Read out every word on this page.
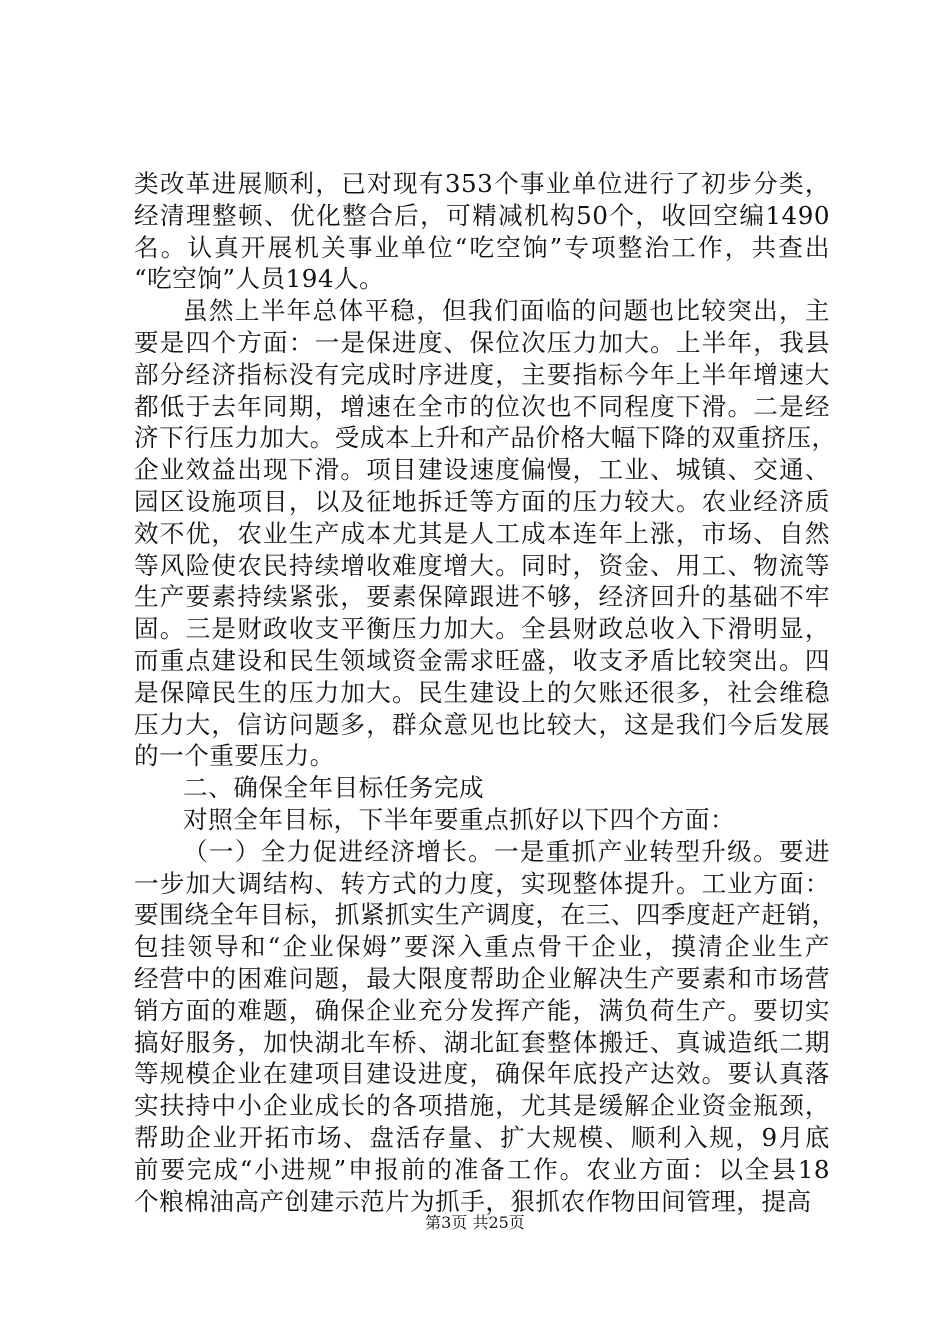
类改革进展顺利，已对现有353个事业单位进行了初步分类，
经清理整顿、优化整合后，可精减机构50个，收回空编1490
名。认真开展机关事业单位“吃空饷”专项整治工作，共查出
“吃空饷”人员194人。
虽然上半年总体平稳，但我们面临的问题也比较突出，主
要是四个方面：一是保进度、保位次压力加大。上半年，我县
部分经济指标没有完成时序进度，主要指标今年上半年增速大
都低于去年同期，增速在全市的位次也不同程度下滑。二是经
济下行压力加大。受成本上升和产品价格大幅下降的双重挤压，
企业效益出现下滑。项目建设速度偏慢，工业、城镇、交通、
园区设施项目，以及征地拆迁等方面的压力较大。农业经济质
效不优，农业生产成本尤其是人工成本连年上涨，市场、自然
等风险使农民持续增收难度增大。同时，资金、用工、物流等
生产要素持续紧张，要素保障跟进不够，经济回升的基础不牢
固。三是财政收支平衡压力加大。全县财政总收入下滑明显，
而重点建设和民生领域资金需求旺盛，收支矛盾比较突出。四
是保障民生的压力加大。民生建设上的欠账还很多，社会维稳
压力大，信访问题多，群众意见也比较大，这是我们今后发展
的一个重要压力。
二、确保全年目标任务完成
对照全年目标，下半年要重点抓好以下四个方面：
（一）全力促进经济增长。一是重抓产业转型升级。要进
一步加大调结构、转方式的力度，实现整体提升。工业方面：
要围绕全年目标，抓紧抓实生产调度，在三、四季度赶产赶销，
包挂领导和“企业保姆”要深入重点骨干企业，摸清企业生产
经营中的困难问题，最大限度帮助企业解决生产要素和市场营
销方面的难题，确保企业充分发挥产能，满负荷生产。要切实
搞好服务，加快湖北车桥、湖北缸套整体搬迁、真诚造纸二期
等规模企业在建项目建设进度，确保年底投产达效。要认真落
实扶持中小企业成长的各项措施，尤其是缓解企业资金瓶颈，
帮助企业开拓市场、盘活存量、扩大规模、顺利入规，9月底
前要完成“小进规”申报前的准备工作。农业方面：以全县18
个粮棉油高产创建示范片为抓手，狠抓农作物田间管理，提高
第3页 共25页
